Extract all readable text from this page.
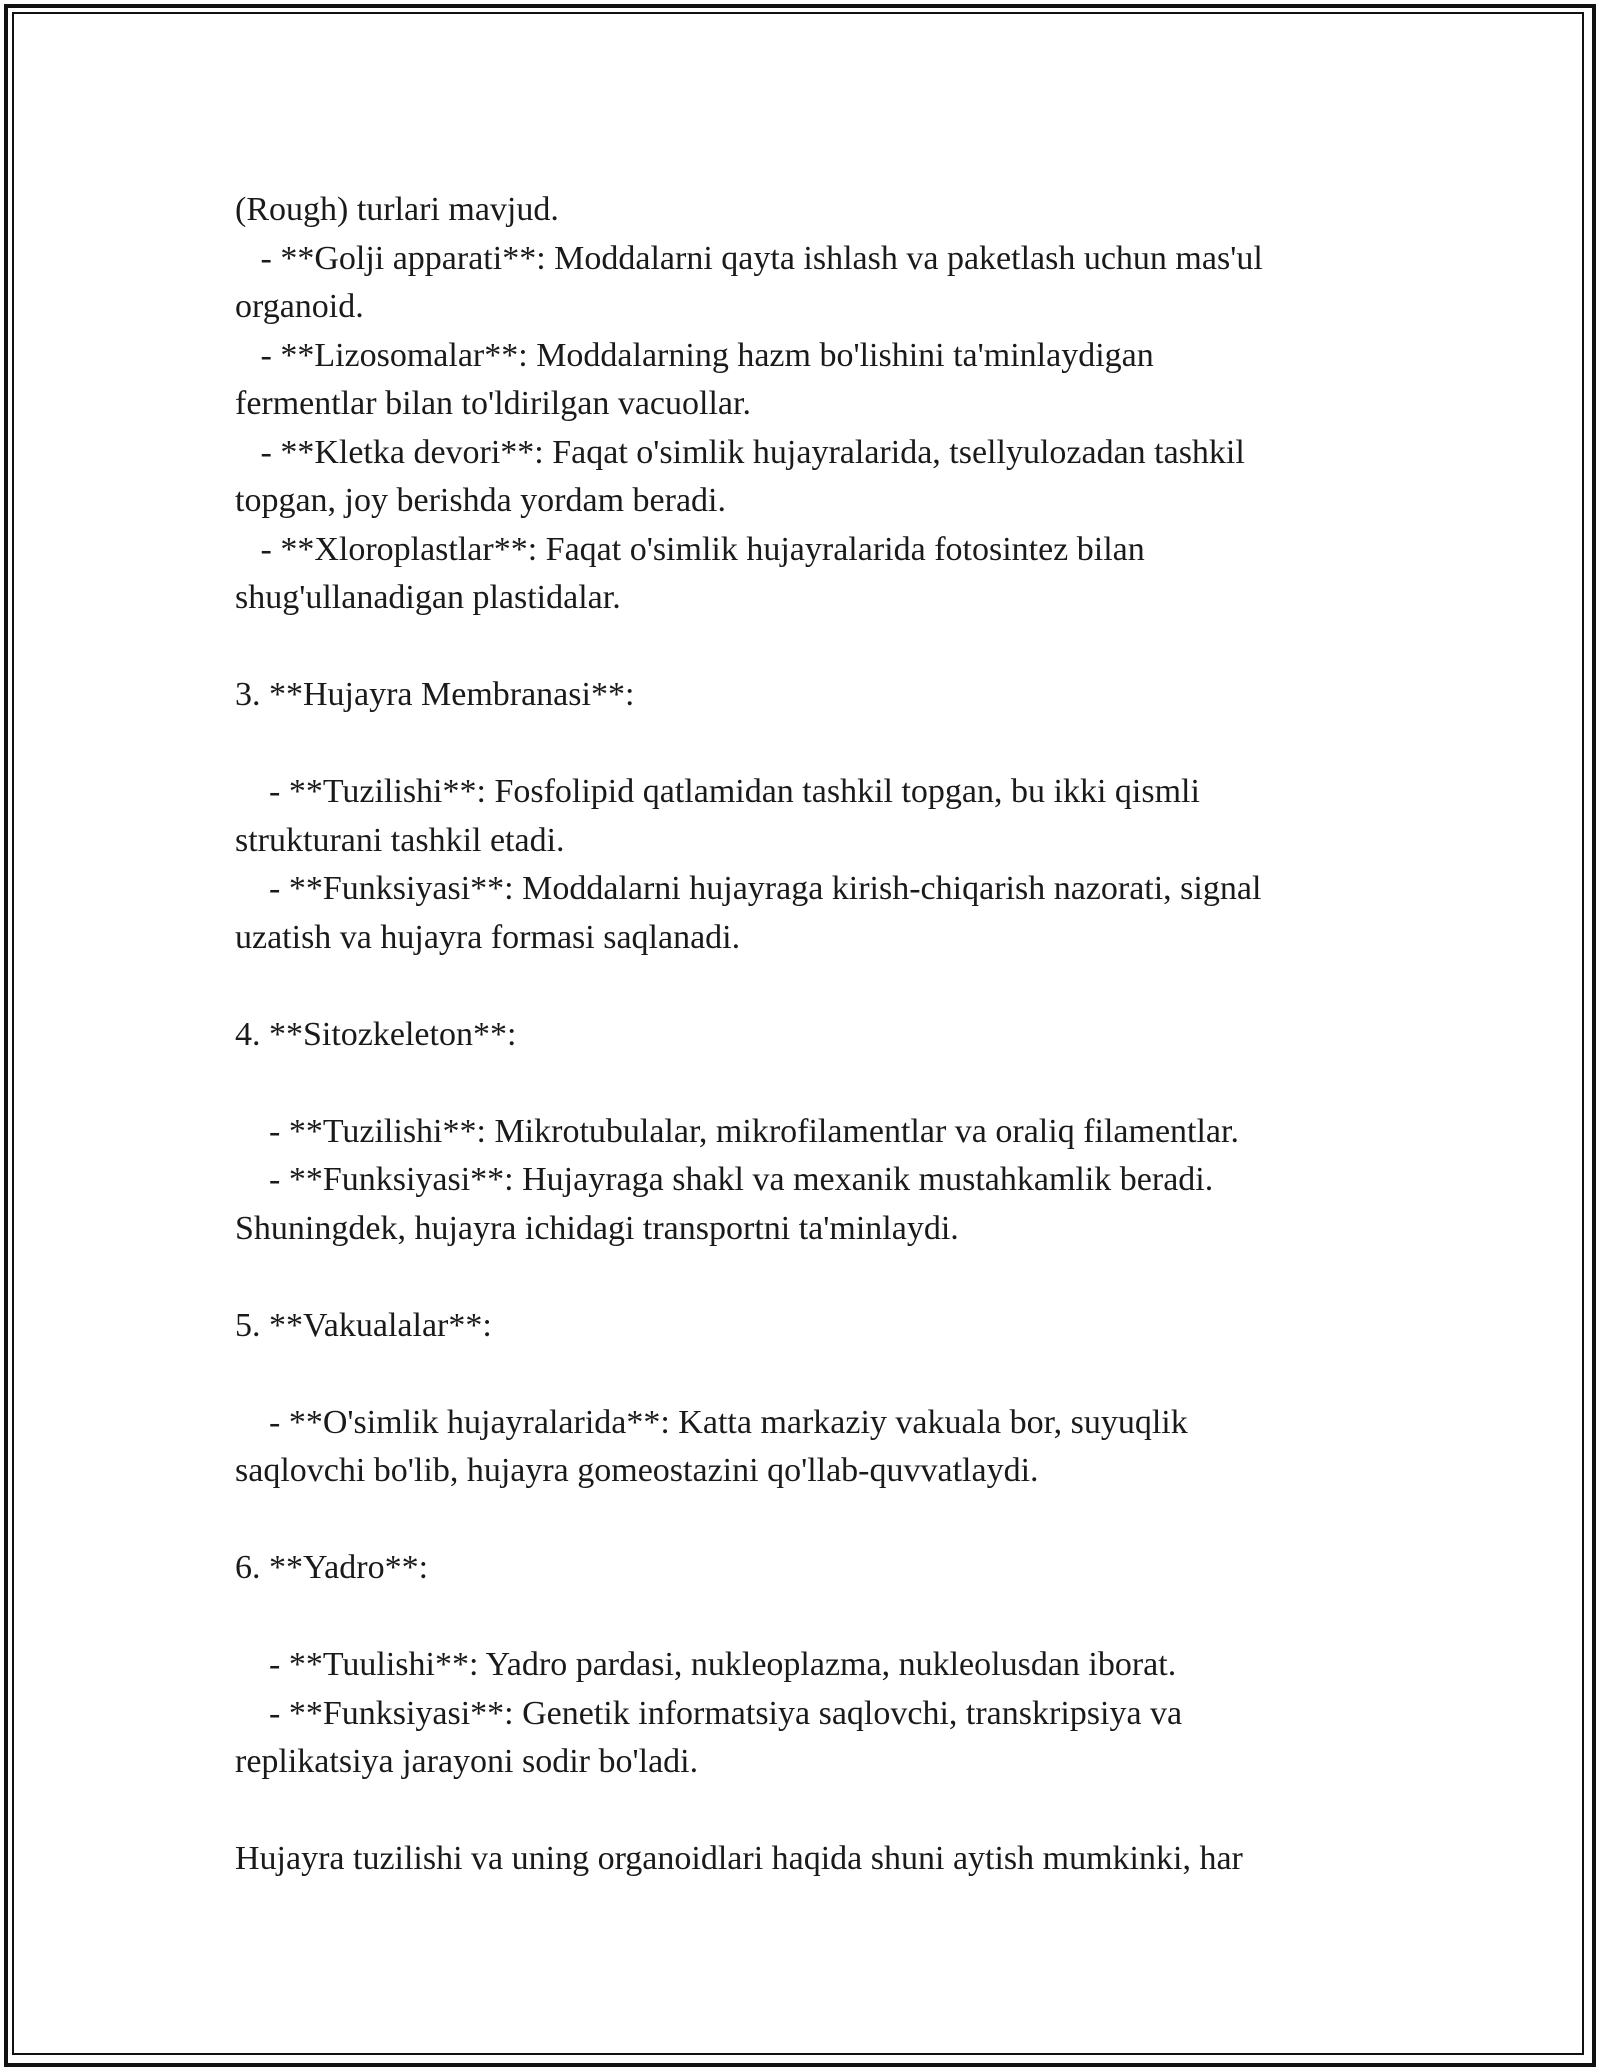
(Rough) turlari mavjud.
- **Golji apparati**: Moddalarni qayta ishlash va paketlash uchun mas'ul
organoid.
- **Lizosomalar**: Moddalarning hazm bo'lishini ta'minlaydigan
fermentlar bilan to'ldirilgan vacuollar.
- **Kletka devori**: Faqat o'simlik hujayralarida, tsellyulozadan tashkil
topgan, joy berishda yordam beradi.
- **Xloroplastlar**: Faqat o'simlik hujayralarida fotosintez bilan
shug'ullanadigan plastidalar.
3. **Hujayra Membranasi**:
- **Tuzilishi**: Fosfolipid qatlamidan tashkil topgan, bu ikki qismli
strukturani tashkil etadi.
- **Funksiyasi**: Moddalarni hujayraga kirish-chiqarish nazorati, signal
uzatish va hujayra formasi saqlanadi.
4. **Sitozkeleton**:
- **Tuzilishi**: Mikrotubulalar, mikrofilamentlar va oraliq filamentlar.
- **Funksiyasi**: Hujayraga shakl va mexanik mustahkamlik beradi.
Shuningdek, hujayra ichidagi transportni ta'minlaydi.
5. **Vakualalar**:
- **O'simlik hujayralarida**: Katta markaziy vakuala bor, suyuqlik
saqlovchi bo'lib, hujayra gomeostazini qo'llab-quvvatlaydi.
6. **Yadro**:
- **Tuulishi**: Yadro pardasi, nukleoplazma, nukleolusdan iborat.
- **Funksiyasi**: Genetik informatsiya saqlovchi, transkripsiya va
replikatsiya jarayoni sodir bo'ladi.
Hujayra tuzilishi va uning organoidlari haqida shuni aytish mumkinki, har
